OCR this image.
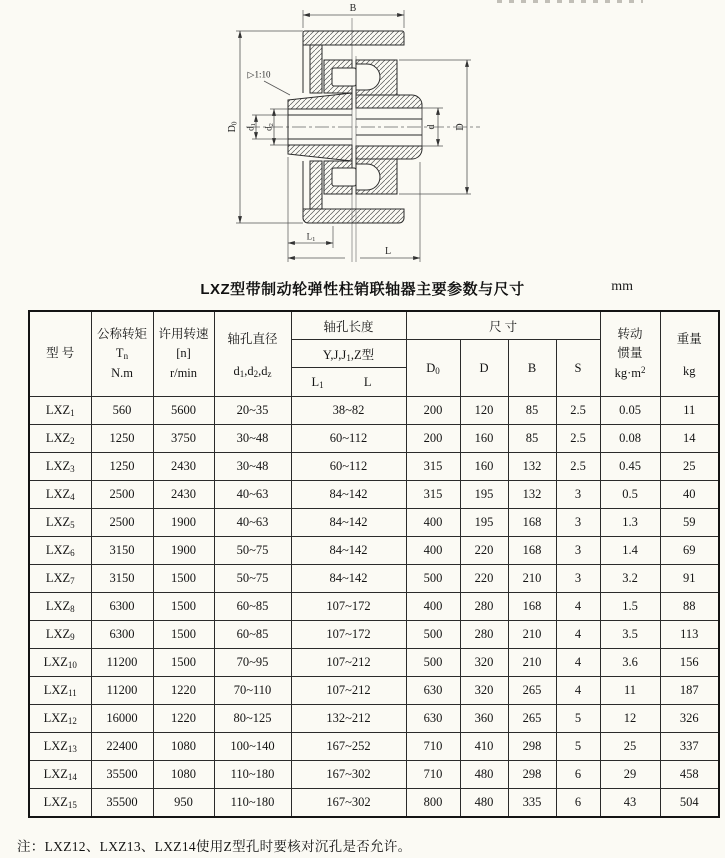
B
▷1:10
$D_0$
$d_1$
$d_2$	d D
$L_1$
L
LXZ型带制动轮弹性柱销联轴器主要参数与尺寸	mm
型 号

公称转矩$T_n$
N.m

许用转速
[n]
r/min

轴孔直径
$d_1,d_2,d_z$

轴孔长度	尺 寸

转动
惯量
$kg\cdot m^2$

重量
kg

				$Y,J,J_1,Z$型	$D_0$	D	B	S		

				$L_1$ L						

$LXZ_1$	560	5600	20~35	38~82	200	120	85	2.5	0.05	11
$LXZ_2$	1250	3750	30~48	60~112	200	160	85	2.5	0.08	14
$LXZ_3$	1250	2430	30~48	60~112	315	160	132	2.5	0.45	25
$LXZ_4$	2500	2430	40~63	84~142	315	195	132	3	0.5	40
$LXZ_5$	2500	1900	40~63	84~142	400	195	168	3	1.3	59
$LXZ_6$	3150	1900	50~75	84~142	400	220	168	3	1.4	69
$LXZ_7$	3150	1500	50~75	84~142	500	220	210	3	3.2	91
$LXZ_8$	6300	1500	60~85	107~172	400	280	168	4	1.5	88
$LXZ_9$	6300	1500	60~85	107~172	500	280	210	4	3.5	113
$LXZ_{10}$	11200	1500	70~95	107~212	500	320	210	4	3.6	156
$LXZ_{11}$	11200	1220	70~110	107~212	630	320	265	4	11	187
$LXZ_{12}$	16000	1220	80~125	132~212	630	360	265	5	12	326
$LXZ_{13}$	22400	1080	100~140	167~252	710	410	298	5	25	337
$LXZ_{14}$	35500	1080	110~180	167~302	710	480	298	6	29	458
$LXZ_{15}$	35500	950	110~180	167~302	800	480	335	6	43	504
注：LXZ12、LXZ13、LXZ14使用Z型孔时要核对沉孔是否允许。
